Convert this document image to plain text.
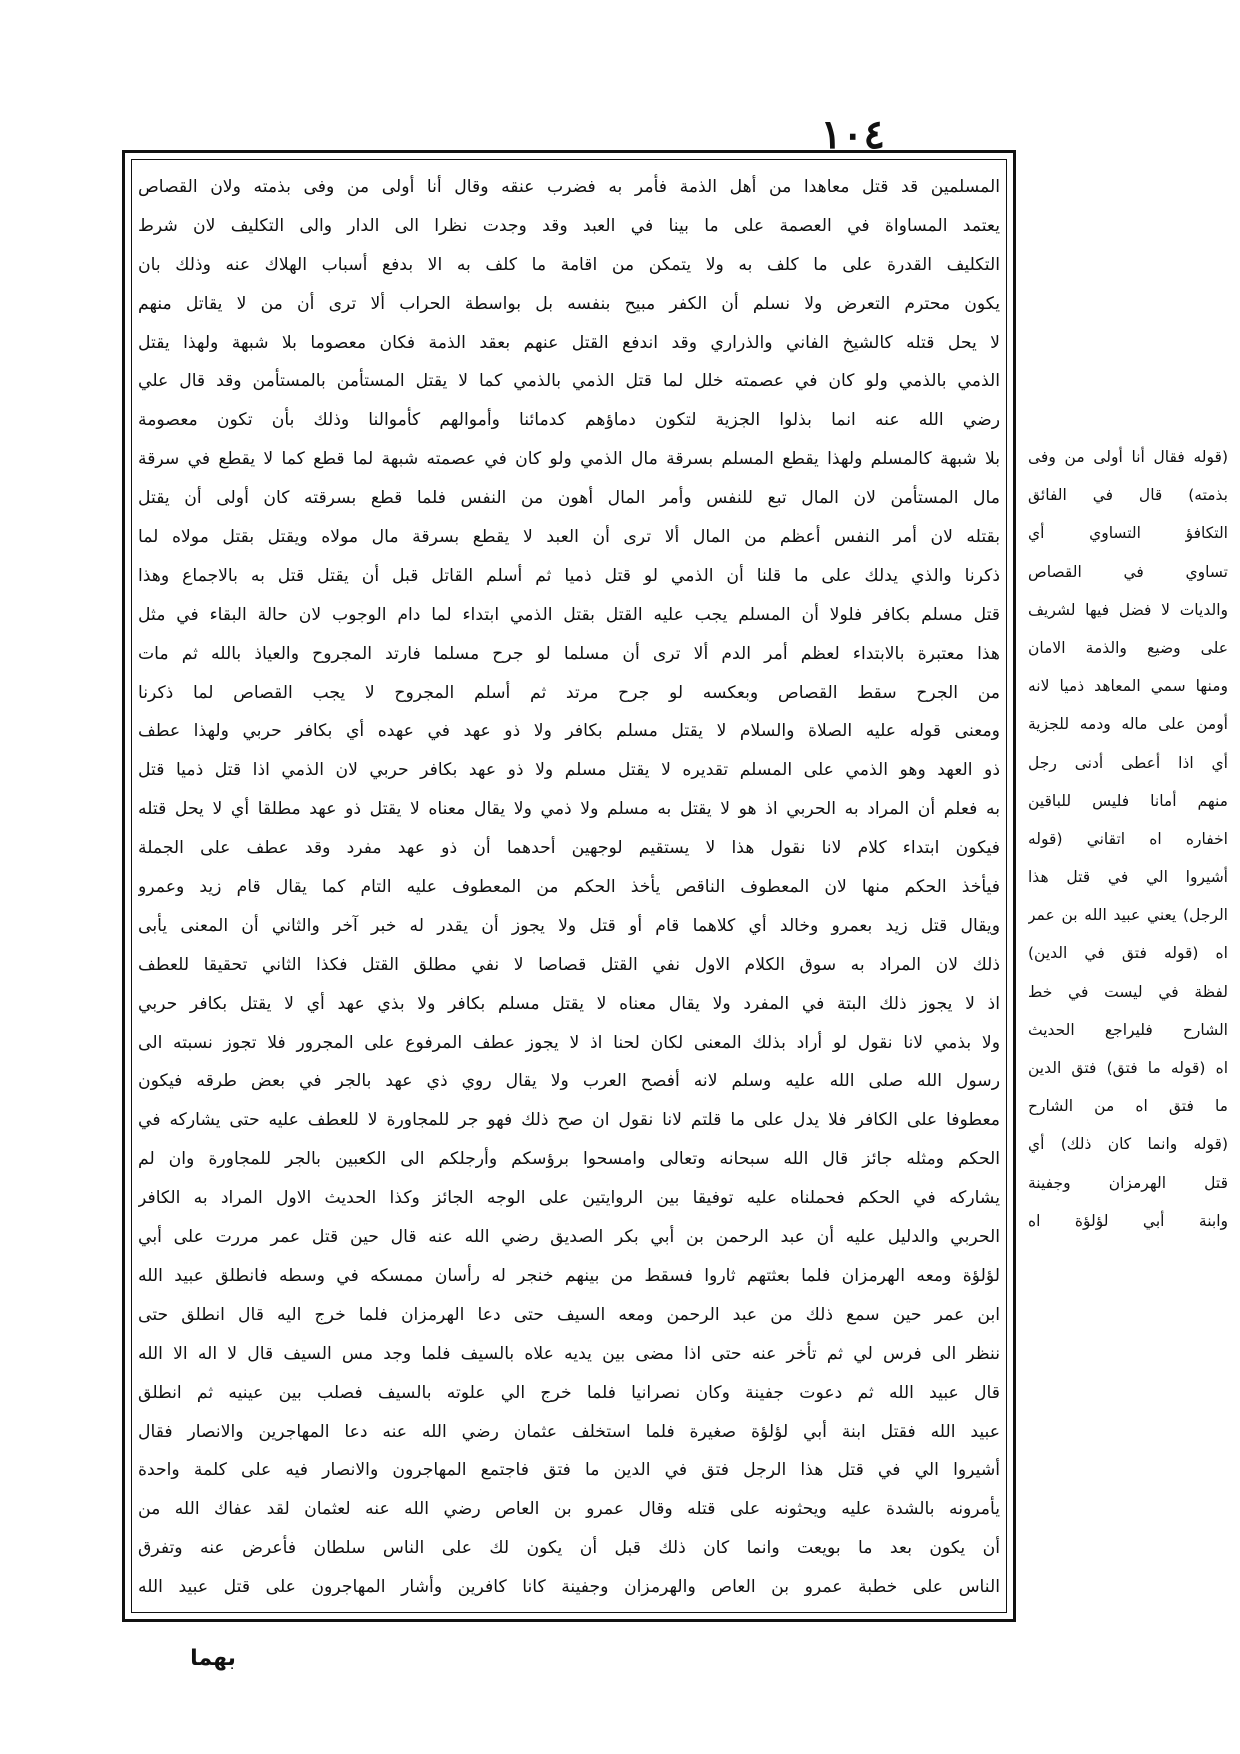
١٠٤
المسلمين قد قتل معاهدا من أهل الذمة فأمر به فضرب عنقه وقال أنا أولى من وفى بذمته ولان القصاص
يعتمد المساواة في العصمة على ما بينا في العبد وقد وجدت نظرا الى الدار والى التكليف لان شرط
التكليف القدرة على ما كلف به ولا يتمكن من اقامة ما كلف به الا بدفع أسباب الهلاك عنه وذلك بان
يكون محترم التعرض ولا نسلم أن الكفر مبيح بنفسه بل بواسطة الحراب ألا ترى أن من لا يقاتل منهم
لا يحل قتله كالشيخ الفاني والذراري وقد اندفع القتل عنهم بعقد الذمة فكان معصوما بلا شبهة ولهذا يقتل
الذمي بالذمي ولو كان في عصمته خلل لما قتل الذمي بالذمي كما لا يقتل المستأمن بالمستأمن وقد قال علي
رضي الله عنه انما بذلوا الجزية لتكون دماؤهم كدمائنا وأموالهم كأموالنا وذلك بأن تكون معصومة
بلا شبهة كالمسلم ولهذا يقطع المسلم بسرقة مال الذمي ولو كان في عصمته شبهة لما قطع كما لا يقطع في سرقة
مال المستأمن لان المال تبع للنفس وأمر المال أهون من النفس فلما قطع بسرقته كان أولى أن يقتل
بقتله لان أمر النفس أعظم من المال ألا ترى أن العبد لا يقطع بسرقة مال مولاه ويقتل بقتل مولاه لما
ذكرنا والذي يدلك على ما قلنا أن الذمي لو قتل ذميا ثم أسلم القاتل قبل أن يقتل قتل به بالاجماع وهذا
قتل مسلم بكافر فلولا أن المسلم يجب عليه القتل بقتل الذمي ابتداء لما دام الوجوب لان حالة البقاء في مثل
هذا معتبرة بالابتداء لعظم أمر الدم ألا ترى أن مسلما لو جرح مسلما فارتد المجروح والعياذ بالله ثم مات
من الجرح سقط القصاص وبعكسه لو جرح مرتد ثم أسلم المجروح لا يجب القصاص لما ذكرنا
ومعنى قوله عليه الصلاة والسلام لا يقتل مسلم بكافر ولا ذو عهد في عهده أي بكافر حربي ولهذا عطف
ذو العهد وهو الذمي على المسلم تقديره لا يقتل مسلم ولا ذو عهد بكافر حربي لان الذمي اذا قتل ذميا قتل
به فعلم أن المراد به الحربي اذ هو لا يقتل به مسلم ولا ذمي ولا يقال معناه لا يقتل ذو عهد مطلقا أي لا يحل قتله
فيكون ابتداء كلام لانا نقول هذا لا يستقيم لوجهين أحدهما أن ذو عهد مفرد وقد عطف على الجملة
فيأخذ الحكم منها لان المعطوف الناقص يأخذ الحكم من المعطوف عليه التام كما يقال قام زيد وعمرو
ويقال قتل زيد بعمرو وخالد أي كلاهما قام أو قتل ولا يجوز أن يقدر له خبر آخر والثاني أن المعنى يأبى
ذلك لان المراد به سوق الكلام الاول نفي القتل قصاصا لا نفي مطلق القتل فكذا الثاني تحقيقا للعطف
اذ لا يجوز ذلك البتة في المفرد ولا يقال معناه لا يقتل مسلم بكافر ولا بذي عهد أي لا يقتل بكافر حربي
ولا بذمي لانا نقول لو أراد بذلك المعنى لكان لحنا اذ لا يجوز عطف المرفوع على المجرور فلا تجوز نسبته الى
رسول الله صلى الله عليه وسلم لانه أفصح العرب ولا يقال روي ذي عهد بالجر في بعض طرقه فيكون
معطوفا على الكافر فلا يدل على ما قلتم لانا نقول ان صح ذلك فهو جر للمجاورة لا للعطف عليه حتى يشاركه في
الحكم ومثله جائز قال الله سبحانه وتعالى وامسحوا برؤسكم وأرجلكم الى الكعبين بالجر للمجاورة وان لم
يشاركه في الحكم فحملناه عليه توفيقا بين الروايتين على الوجه الجائز وكذا الحديث الاول المراد به الكافر
الحربي والدليل عليه أن عبد الرحمن بن أبي بكر الصديق رضي الله عنه قال حين قتل عمر مررت على أبي
لؤلؤة ومعه الهرمزان فلما بعثتهم ثاروا فسقط من بينهم خنجر له رأسان ممسكه في وسطه فانطلق عبيد الله
ابن عمر حين سمع ذلك من عبد الرحمن ومعه السيف حتى دعا الهرمزان فلما خرج اليه قال انطلق حتى
ننظر الى فرس لي ثم تأخر عنه حتى اذا مضى بين يديه علاه بالسيف فلما وجد مس السيف قال لا اله الا الله
قال عبيد الله ثم دعوت جفينة وكان نصرانيا فلما خرج الي علوته بالسيف فصلب بين عينيه ثم انطلق
عبيد الله فقتل ابنة أبي لؤلؤة صغيرة فلما استخلف عثمان رضي الله عنه دعا المهاجرين والانصار فقال
أشيروا الي في قتل هذا الرجل فتق في الدين ما فتق فاجتمع المهاجرون والانصار فيه على كلمة واحدة
يأمرونه بالشدة عليه ويحثونه على قتله وقال عمرو بن العاص رضي الله عنه لعثمان لقد عفاك الله من
أن يكون بعد ما بويعت وانما كان ذلك قبل أن يكون لك على الناس سلطان فأعرض عنه وتفرق
الناس على خطبة عمرو بن العاص والهرمزان وجفينة كانا كافرين وأشار المهاجرون على قتل عبيد الله
(قوله فقال أنا أولى من وفى
بذمته) قال في الفائق
التكافؤ التساوي أي
تساوي في القصاص
والديات لا فضل فيها لشريف
على وضيع والذمة الامان
ومنها سمي المعاهد ذميا لانه
أومن على ماله ودمه للجزية
أي اذا أعطى أدنى رجل
منهم أمانا فليس للباقين
اخفاره اه اتقاني (قوله
أشيروا الي في قتل هذا
الرجل) يعني عبيد الله بن عمر
اه (قوله فتق في الدين)
لفظة في ليست في خط
الشارح فليراجع الحديث
اه (قوله ما فتق) فتق الدين
ما فتق اه من الشارح
(قوله وانما كان ذلك) أي
قتل الهرمزان وجفينة
وابنة أبي لؤلؤة اه
بهما
